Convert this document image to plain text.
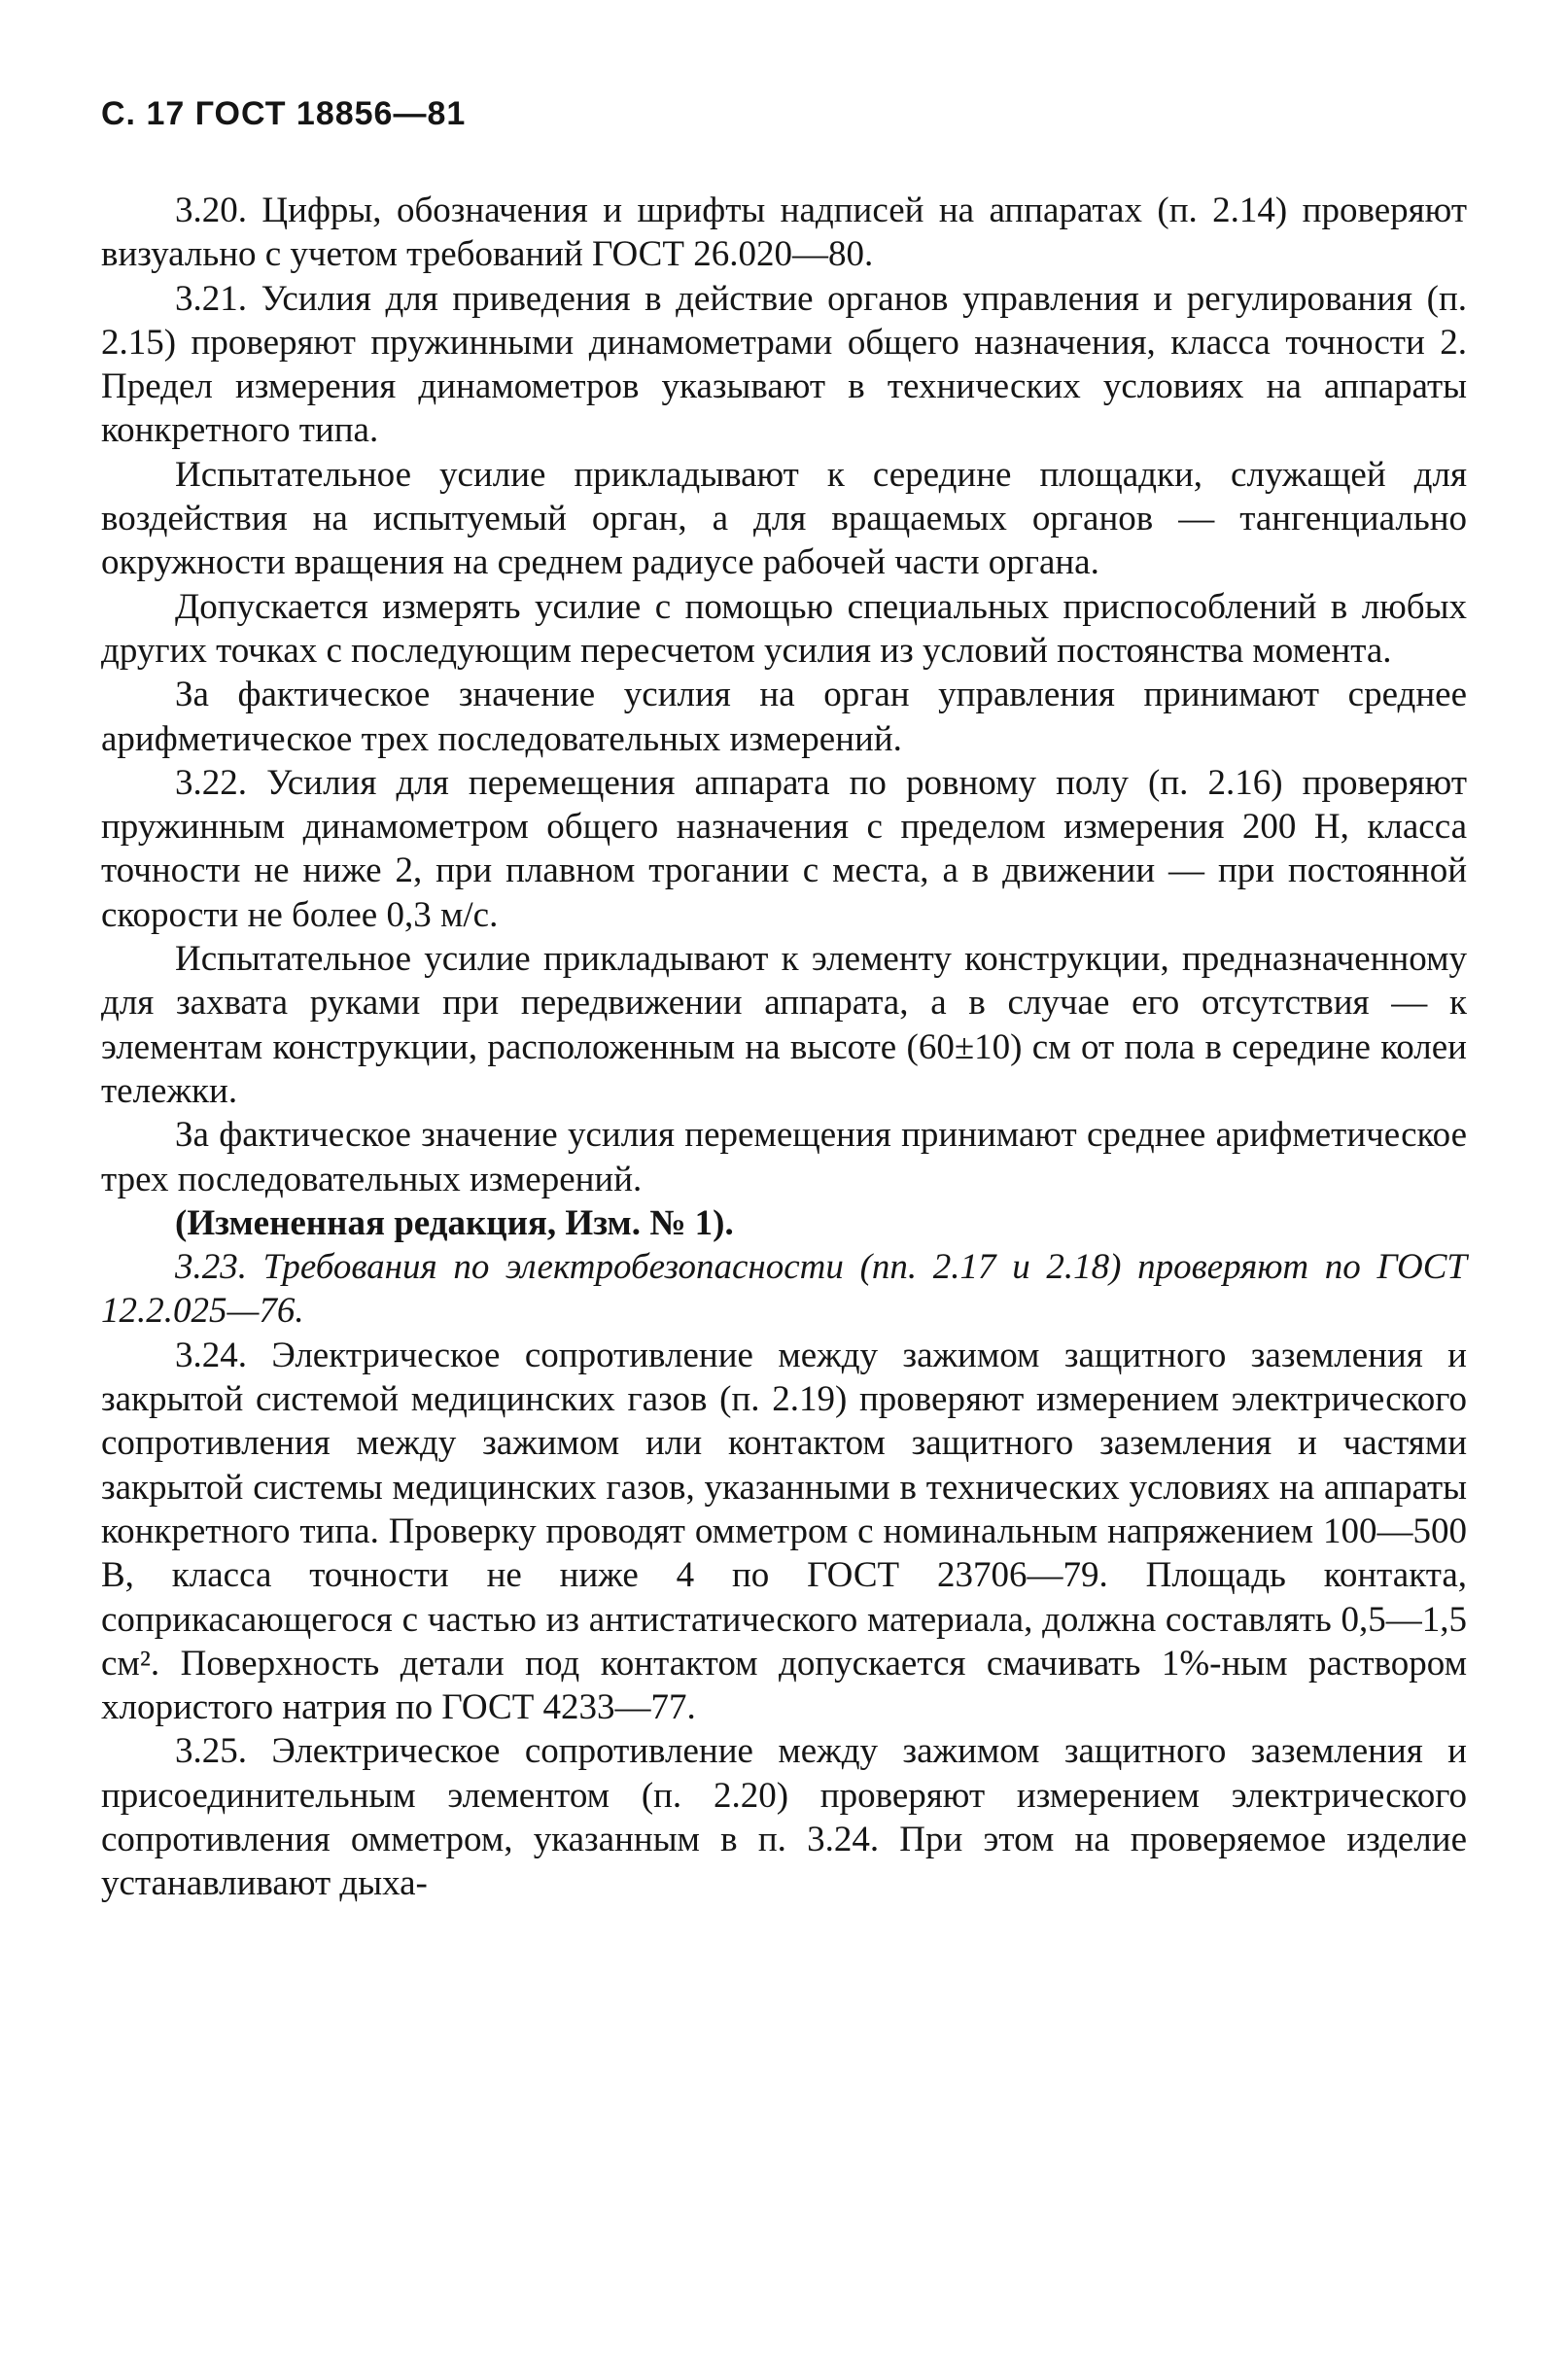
С. 17 ГОСТ 18856—81

3.20. Цифры, обозначения и шрифты надписей на аппаратах (п. 2.14) проверяют визуально с учетом требований ГОСТ 26.020—80.

3.21. Усилия для приведения в действие органов управления и регулирования (п. 2.15) проверяют пружинными динамометрами общего назначения, класса точности 2. Предел измерения динамометров указывают в технических условиях на аппараты конкретного типа.

Испытательное усилие прикладывают к середине площадки, служащей для воздействия на испытуемый орган, а для вращаемых органов — тангенциально окружности вращения на среднем радиусе рабочей части органа.

Допускается измерять усилие с помощью специальных приспособлений в любых других точках с последующим пересчетом усилия из условий постоянства момента.

За фактическое значение усилия на орган управления принимают среднее арифметическое трех последовательных измерений.

3.22. Усилия для перемещения аппарата по ровному полу (п. 2.16) проверяют пружинным динамометром общего назначения с пределом измерения 200 Н, класса точности не ниже 2, при плавном трогании с места, а в движении — при постоянной скорости не более 0,3 м/с.

Испытательное усилие прикладывают к элементу конструкции, предназначенному для захвата руками при передвижении аппарата, а в случае его отсутствия — к элементам конструкции, расположенным на высоте (60±10) см от пола в середине колеи тележки.

За фактическое значение усилия перемещения принимают среднее арифметическое трех последовательных измерений.

(Измененная редакция, Изм. № 1).

3.23. Требования по электробезопасности (пп. 2.17 и 2.18) проверяют по ГОСТ 12.2.025—76.

3.24. Электрическое сопротивление между зажимом защитного заземления и закрытой системой медицинских газов (п. 2.19) проверяют измерением электрического сопротивления между зажимом или контактом защитного заземления и частями закрытой системы медицинских газов, указанными в технических условиях на аппараты конкретного типа. Проверку проводят омметром с номинальным напряжением 100—500 В, класса точности не ниже 4 по ГОСТ 23706—79. Площадь контакта, соприкасающегося с частью из антистатического материала, должна составлять 0,5—1,5 см². Поверхность детали под контактом допускается смачивать 1%-ным раствором хлористого натрия по ГОСТ 4233—77.

3.25. Электрическое сопротивление между зажимом защитного заземления и присоединительным элементом (п. 2.20) проверяют измерением электрического сопротивления омметром, указанным в п. 3.24. При этом на проверяемое изделие устанавливают дыха-
